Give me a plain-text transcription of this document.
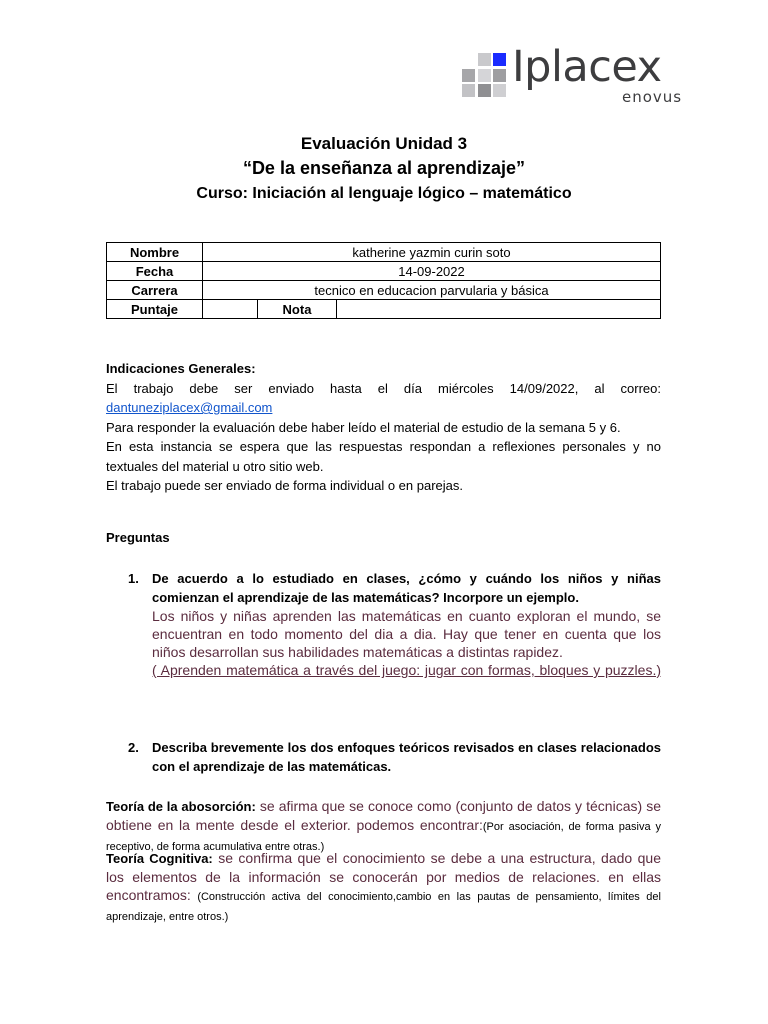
Iplacex
enovus
Evaluación Unidad 3
“De la enseñanza al aprendizaje”
Curso: Iniciación al lenguaje lógico – matemático
Nombre	katherine yazmin curin soto		
Fecha	14-09-2022		
Carrera	tecnico en educacion parvularia y básica		
Puntaje		Nota	
Indicaciones Generales:
El trabajo debe ser enviado hasta el día miércoles 14/09/2022, al correo:
dantuneziplacex@gmail.com
Para responder la evaluación debe haber leído el material de estudio de la semana 5 y 6.
En esta instancia se espera que las respuestas respondan a reflexiones personales y no
textuales del material u otro sitio web.
El trabajo puede ser enviado de forma individual o en parejas.
Preguntas
1. De acuerdo a lo estudiado en clases, ¿cómo y cuándo los niños y niñas comienzan el aprendizaje de las matemáticas? Incorpore un ejemplo.
Los niños y niñas aprenden las matemáticas en cuanto exploran el mundo, se encuentran en todo momento del dia a dia. Hay que tener en cuenta que los niños desarrollan sus habilidades matemáticas a distintas rapidez.
( Aprenden matemática a través del juego: jugar con formas, bloques y puzzles.)
2. Describa brevemente los dos enfoques teóricos revisados en clases relacionados con el aprendizaje de las matemáticas.
Teoría de la abosorción: se afirma que se conoce como (conjunto de datos y técnicas) se obtiene en la mente desde el exterior. podemos encontrar:(Por asociación, de forma pasiva y receptivo, de forma acumulativa entre otras.)
Teoría Cognitiva: se confirma que el conocimiento se debe a una estructura, dado que los elementos de la información se conocerán por medios de relaciones. en ellas encontramos: (Construcción activa del conocimiento,cambio en las pautas de pensamiento, límites del aprendizaje, entre otros.)
